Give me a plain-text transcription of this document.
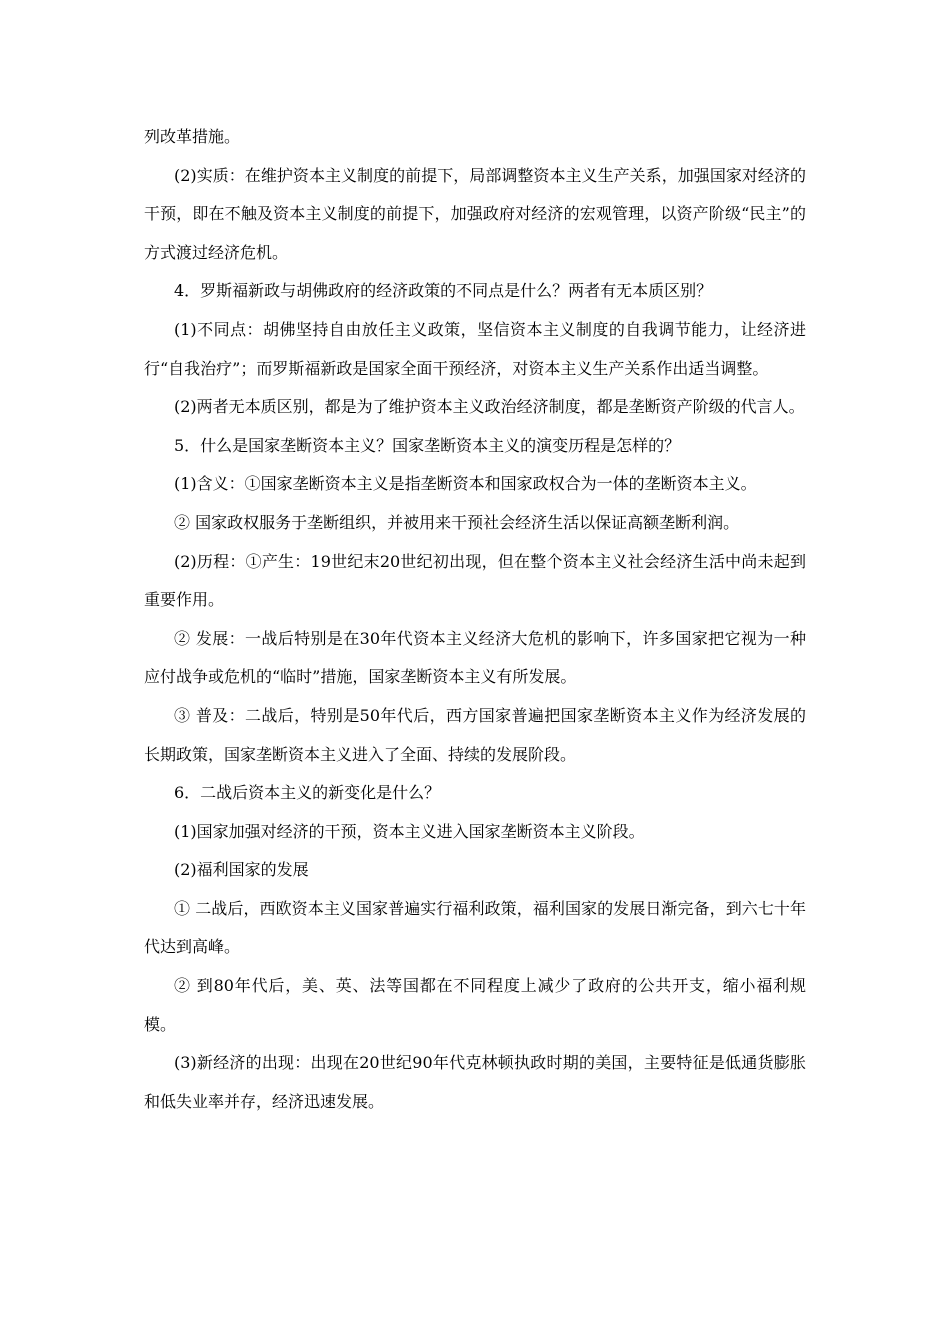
列改革措施。

(2)实质：在维护资本主义制度的前提下，局部调整资本主义生产关系，加强国家对经济的干预，即在不触及资本主义制度的前提下，加强政府对经济的宏观管理，以资产阶级“民主”的方式渡过经济危机。

4．罗斯福新政与胡佛政府的经济政策的不同点是什么？两者有无本质区别？

(1)不同点：胡佛坚持自由放任主义政策，坚信资本主义制度的自我调节能力，让经济进行“自我治疗”；而罗斯福新政是国家全面干预经济，对资本主义生产关系作出适当调整。

(2)两者无本质区别，都是为了维护资本主义政治经济制度，都是垄断资产阶级的代言人。

5．什么是国家垄断资本主义？国家垄断资本主义的演变历程是怎样的？

(1)含义：①国家垄断资本主义是指垄断资本和国家政权合为一体的垄断资本主义。

② 国家政权服务于垄断组织，并被用来干预社会经济生活以保证高额垄断利润。

(2)历程：①产生：19世纪末20世纪初出现，但在整个资本主义社会经济生活中尚未起到重要作用。

② 发展：一战后特别是在30年代资本主义经济大危机的影响下，许多国家把它视为一种应付战争或危机的“临时”措施，国家垄断资本主义有所发展。

③ 普及：二战后，特别是50年代后，西方国家普遍把国家垄断资本主义作为经济发展的长期政策，国家垄断资本主义进入了全面、持续的发展阶段。

6．二战后资本主义的新变化是什么？

(1)国家加强对经济的干预，资本主义进入国家垄断资本主义阶段。

(2)福利国家的发展

① 二战后，西欧资本主义国家普遍实行福利政策，福利国家的发展日渐完备，到六七十年代达到高峰。

② 到80年代后，美、英、法等国都在不同程度上减少了政府的公共开支，缩小福利规模。

(3)新经济的出现：出现在20世纪90年代克林顿执政时期的美国，主要特征是低通货膨胀和低失业率并存，经济迅速发展。
